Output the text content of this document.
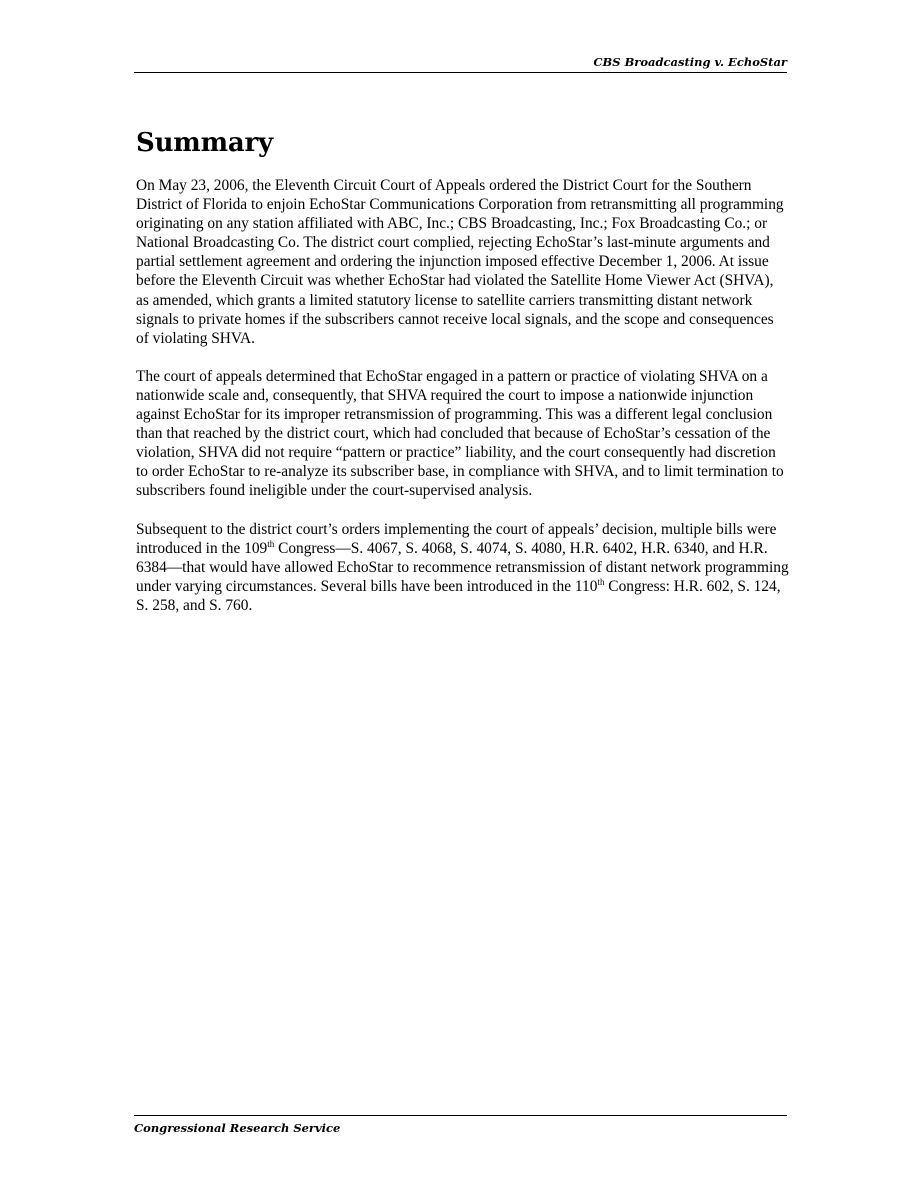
CBS Broadcasting v. EchoStar
Summary

On May 23, 2006, the Eleventh Circuit Court of Appeals ordered the District Court for the Southern District of Florida to enjoin EchoStar Communications Corporation from retransmitting all programming originating on any station affiliated with ABC, Inc.; CBS Broadcasting, Inc.; Fox Broadcasting Co.; or National Broadcasting Co. The district court complied, rejecting EchoStar’s last-minute arguments and partial settlement agreement and ordering the injunction imposed effective December 1, 2006. At issue before the Eleventh Circuit was whether EchoStar had violated the Satellite Home Viewer Act (SHVA), as amended, which grants a limited statutory license to satellite carriers transmitting distant network signals to private homes if the subscribers cannot receive local signals, and the scope and consequences of violating SHVA.

The court of appeals determined that EchoStar engaged in a pattern or practice of violating SHVA on a nationwide scale and, consequently, that SHVA required the court to impose a nationwide injunction against EchoStar for its improper retransmission of programming. This was a different legal conclusion than that reached by the district court, which had concluded that because of EchoStar’s cessation of the violation, SHVA did not require “pattern or practice” liability, and the court consequently had discretion to order EchoStar to re-analyze its subscriber base, in compliance with SHVA, and to limit termination to subscribers found ineligible under the court-supervised analysis.

Subsequent to the district court’s orders implementing the court of appeals’ decision, multiple bills were introduced in the 109th Congress—S. 4067, S. 4068, S. 4074, S. 4080, H.R. 6402, H.R. 6340, and H.R. 6384—that would have allowed EchoStar to recommence retransmission of distant network programming under varying circumstances. Several bills have been introduced in the 110th Congress: H.R. 602, S. 124, S. 258, and S. 760.

Congressional Research Service
